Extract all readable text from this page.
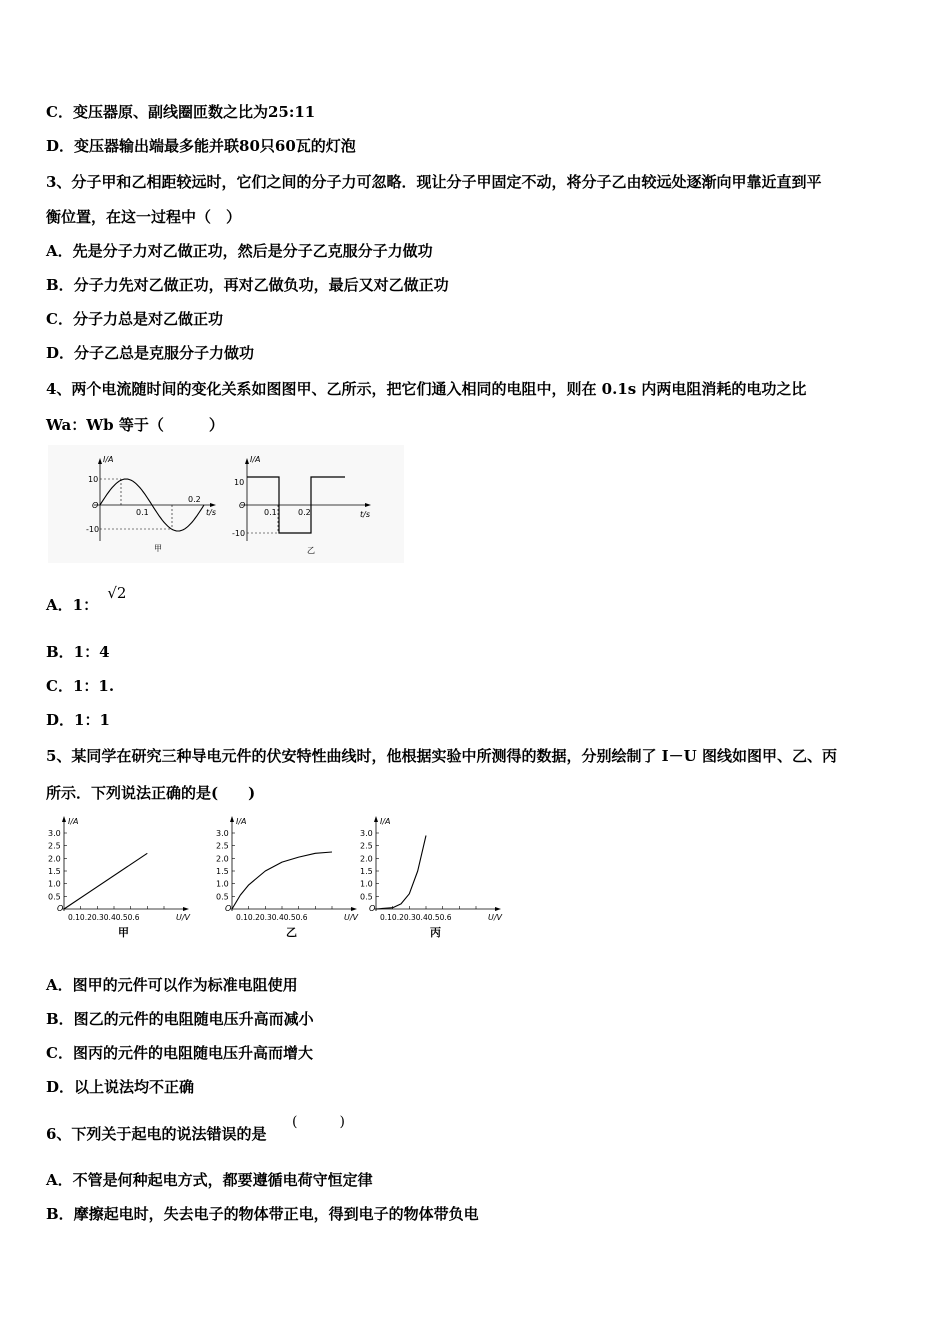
C．变压器原、副线圈匝数之比为25:11
D．变压器输出端最多能并联80只60瓦的灯泡
3、分子甲和乙相距较远时，它们之间的分子力可忽略．现让分子甲固定不动，将分子乙由较远处逐渐向甲靠近直到平
衡位置，在这一过程中（　）
A．先是分子力对乙做正功，然后是分子乙克服分子力做功
B．分子力先对乙做正功，再对乙做负功，最后又对乙做正功
C．分子力总是对乙做正功
D．分子乙总是克服分子力做功
4、两个电流随时间的变化关系如图图甲、乙所示，把它们通入相同的电阻中，则在 0.1s 内两电阻消耗的电功之比
Wa：Wb 等于（　　　）
I/A
10
-10
O
0.1
0.2
t/s
甲
I/A
10
-10
O
0.1	0.2	t/s
乙
A．1： √2
B．1：4
C．1：1.
D．1：1
5、某同学在研究三种导电元件的伏安特性曲线时，他根据实验中所测得的数据，分别绘制了 I－U 图线如图甲、乙、丙
所示．下列说法正确的是(　　)
0.5
1.0
1.5
2.0
2.5
3.0
0.10.20.30.40.50.6
O
I/A
U/V
甲
0.5
1.0
1.5
2.0
2.5
3.0
0.10.20.30.40.50.6
O
I/A
U/V
乙
0.5
1.0
1.5
2.0
2.5
3.0
0.10.20.30.40.50.6
O
I/A
U/V
丙
A．图甲的元件可以作为标准电阻使用
B．图乙的元件的电阻随电压升高而减小
C．图丙的元件的电阻随电压升高而增大
D．以上说法均不正确
6、下列关于起电的说法错误的是
(　　　)
A．不管是何种起电方式，都要遵循电荷守恒定律
B．摩擦起电时，失去电子的物体带正电，得到电子的物体带负电
